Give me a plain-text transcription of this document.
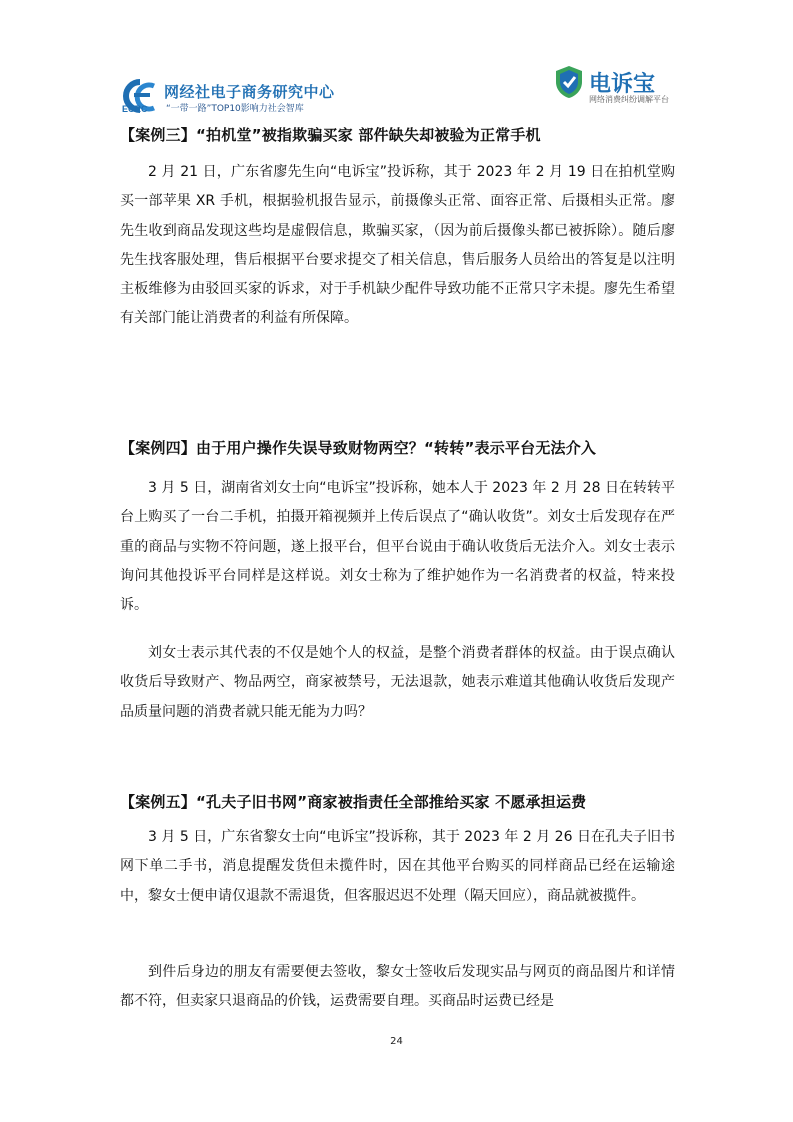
ECRC
网经社电子商务研究中心
“一带一路”TOP10影响力社会智库
电诉宝
网络消费纠纷调解平台
【案例三】“拍机堂”被指欺骗买家 部件缺失却被验为正常手机

2 月 21 日，广东省廖先生向“电诉宝”投诉称，其于 2023 年 2 月 19 日在拍机堂购买一部苹果 XR 手机，根据验机报告显示，前摄像头正常、面容正常、后摄相头正常。廖先生收到商品发现这些均是虚假信息，欺骗买家，（因为前后摄像头都已被拆除）。随后廖先生找客服处理，售后根据平台要求提交了相关信息，售后服务人员给出的答复是以注明主板维修为由驳回买家的诉求，对于手机缺少配件导致功能不正常只字未提。廖先生希望有关部门能让消费者的利益有所保障。

【案例四】由于用户操作失误导致财物两空？“转转”表示平台无法介入

3 月 5 日，湖南省刘女士向“电诉宝”投诉称，她本人于 2023 年 2 月 28 日在转转平台上购买了一台二手机，拍摄开箱视频并上传后误点了“确认收货”。刘女士后发现存在严重的商品与实物不符问题，遂上报平台，但平台说由于确认收货后无法介入。刘女士表示询问其他投诉平台同样是这样说。刘女士称为了维护她作为一名消费者的权益，特来投诉。

刘女士表示其代表的不仅是她个人的权益，是整个消费者群体的权益。由于误点确认收货后导致财产、物品两空，商家被禁号，无法退款，她表示难道其他确认收货后发现产品质量问题的消费者就只能无能为力吗？

【案例五】“孔夫子旧书网”商家被指责任全部推给买家 不愿承担运费

3 月 5 日，广东省黎女士向“电诉宝”投诉称，其于 2023 年 2 月 26 日在孔夫子旧书网下单二手书，消息提醒发货但未揽件时，因在其他平台购买的同样商品已经在运输途中，黎女士便申请仅退款不需退货，但客服迟迟不处理（隔天回应），商品就被揽件。

到件后身边的朋友有需要便去签收，黎女士签收后发现实品与网页的商品图片和详情都不符，但卖家只退商品的价钱，运费需要自理。买商品时运费已经是

24
